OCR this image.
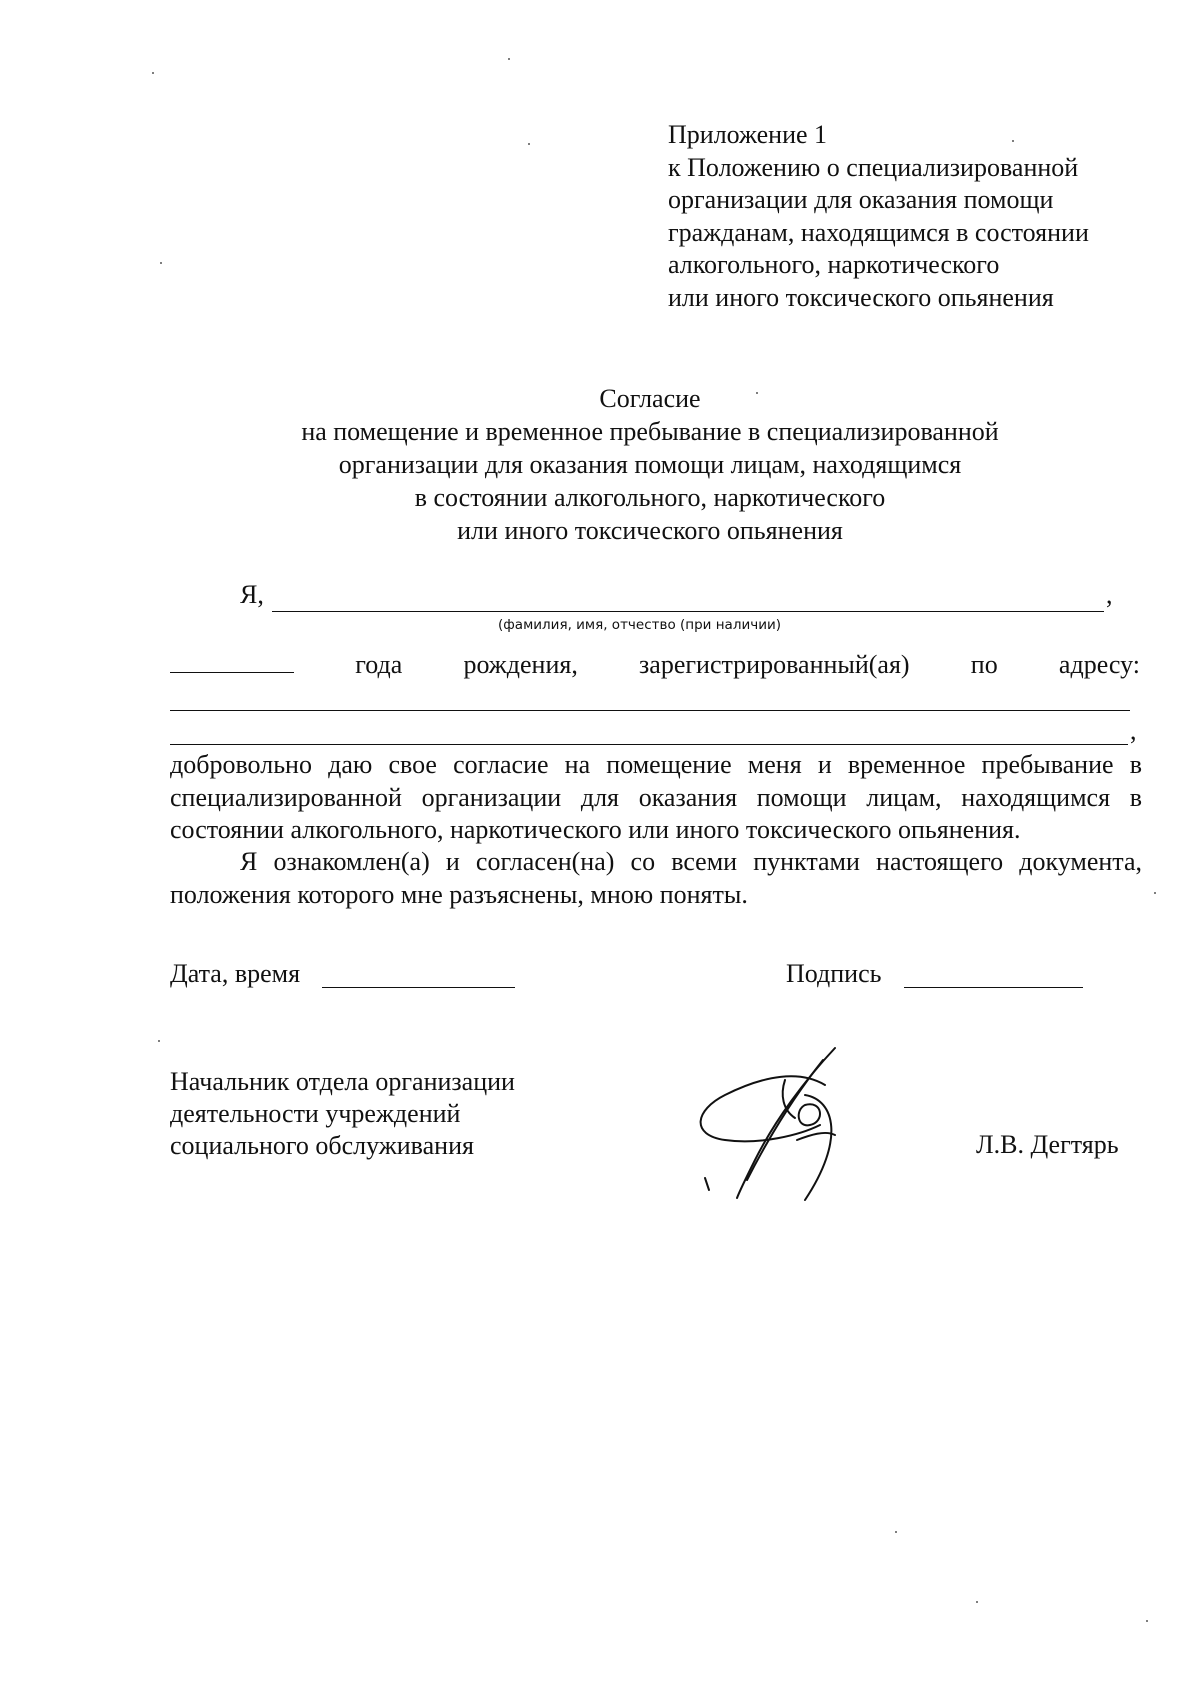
Приложение 1
к Положению о специализированной
организации для оказания помощи
гражданам, находящимся в состоянии
алкогольного, наркотического
или иного токсического опьянения
Согласие
на помещение и временное пребывание в специализированной
организации для оказания помощи лицам, находящимся
в состоянии алкогольного, наркотического
или иного токсического опьянения
Я,	,
(фамилия, имя, отчество (при наличии)
года рождения, зарегистрированный(ая) по адресу:
,
добровольно даю свое согласие на помещение меня и временное пребывание в специализированной организации для оказания помощи лицам, находящимся в состоянии алкогольного, наркотического или иного токсического опьянения.
Я ознакомлен(а) и согласен(на) со всеми пунктами настоящего документа, положения которого мне разъяснены, мною поняты.
Дата, время	Подпись
Начальник отдела организации
деятельности учреждений
социального обслуживания	Л.В. Дегтярь
